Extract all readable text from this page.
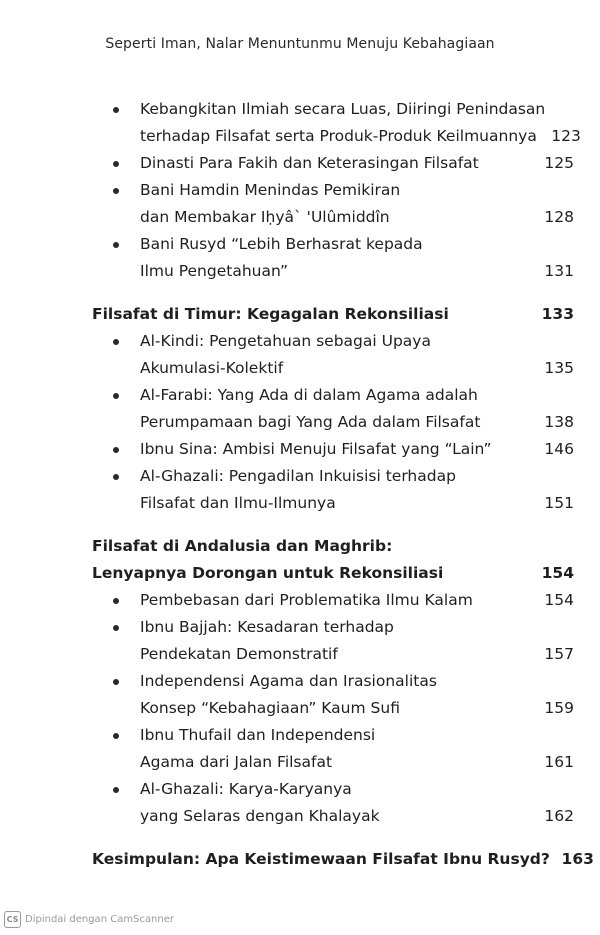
Seperti Iman, Nalar Menuntunmu Menuju Kebahagiaan
Kebangkitan Ilmiah secara Luas, Diiringi Penindasan
terhadap Filsafat serta Produk-Produk Keilmuannya 123
Dinasti Para Fakih dan Keterasingan Filsafat	125
Bani Hamdin Menindas Pemikiran
dan Membakar Iḥyâ` 'Ulûmiddîn	128
Bani Rusyd “Lebih Berhasrat kepada
Ilmu Pengetahuan”	131
Filsafat di Timur: Kegagalan Rekonsiliasi	133
Al-Kindi: Pengetahuan sebagai Upaya
Akumulasi-Kolektif	135
Al-Farabi: Yang Ada di dalam Agama adalah
Perumpamaan bagi Yang Ada dalam Filsafat	138
Ibnu Sina: Ambisi Menuju Filsafat yang “Lain”	146
Al-Ghazali: Pengadilan Inkuisisi terhadap
Filsafat dan Ilmu-Ilmunya	151
Filsafat di Andalusia dan Maghrib:
Lenyapnya Dorongan untuk Rekonsiliasi	154
Pembebasan dari Problematika Ilmu Kalam	154
Ibnu Bajjah: Kesadaran terhadap
Pendekatan Demonstratif	157
Independensi Agama dan Irasionalitas
Konsep “Kebahagiaan” Kaum Sufi	159
Ibnu Thufail dan Independensi
Agama dari Jalan Filsafat	161
Al-Ghazali: Karya-Karyanya
yang Selaras dengan Khalayak	162
Kesimpulan: Apa Keistimewaan Filsafat Ibnu Rusyd? 163
CS Dipindai dengan CamScanner
